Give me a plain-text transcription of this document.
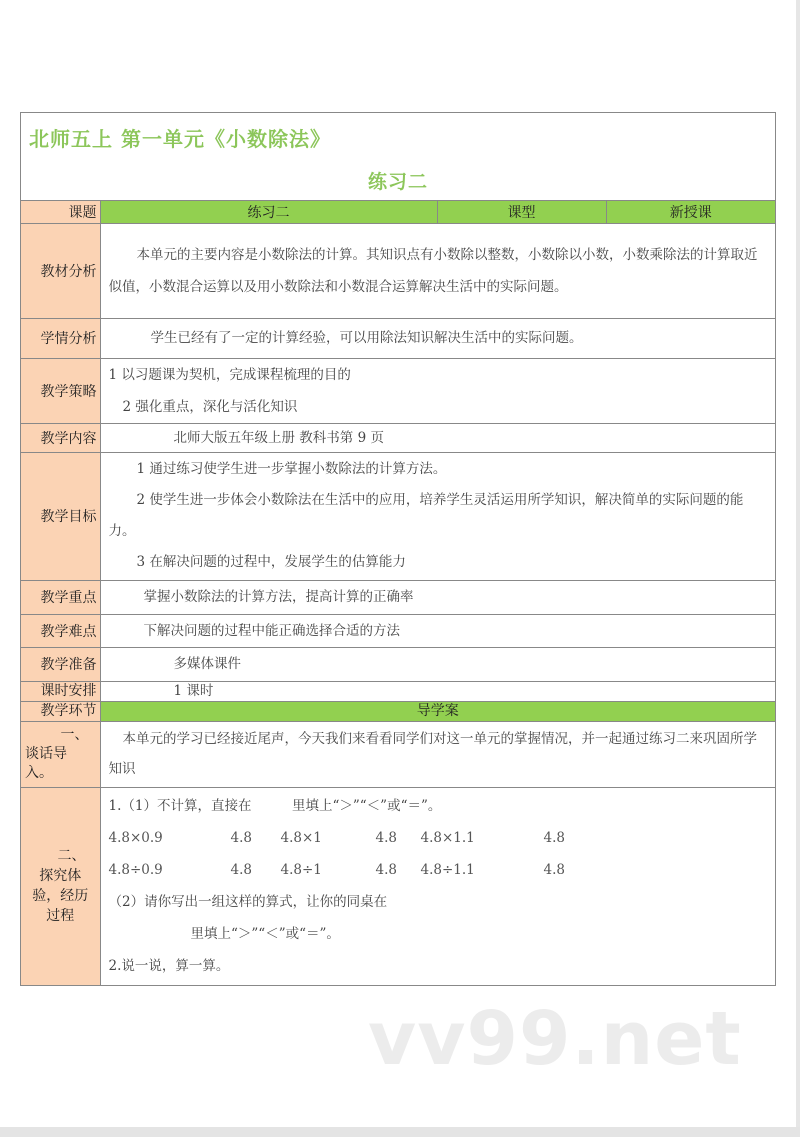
北师五上 第一单元《小数除法》
练习二
课题	练习二	课型	新授课
教材分析	本单元的主要内容是小数除法的计算。其知识点有小数除以整数，小数除以小数，小数乘除法的计算取近似值，小数混合运算以及用小数除法和小数混合运算解决生活中的实际问题。		

学情分析	学生已经有了一定的计算经验，可以用除法知识解决生活中的实际问题。		

教学策略	1 以习题课为契机，完成课程梳理的目的

2 强化重点，深化与活化知识		

教学内容	北师大版五年级上册 教科书第 9 页		

教学目标	1 通过练习使学生进一步掌握小数除法的计算方法。

2 使学生进一步体会小数除法在生活中的应用，培养学生灵活运用所学知识，解决简单的实际问题的能力。

3 在解决问题的过程中，发展学生的估算能力		

教学重点	掌握小数除法的计算方法，提高计算的正确率		

教学难点	下解决问题的过程中能正确选择合适的方法		

教学准备	多媒体课件		

课时安排	1 课时		

教学环节	导学案		

一、
谈话导
入。	本单元的学习已经接近尾声，今天我们来看看同学们对这一单元的掌握情况，并一起通过练习二来巩固所学知识		

二、
探究体
验，经历
过程

1.（1）不计算，直接在　　　里填上“＞”“＜”或“＝”。

4.8×0.9	4.8	4.8×1	4.8	4.8×1.1	4.8
4.8÷0.9	4.8	4.8÷1	4.8	4.8÷1.1	4.8

（2）请你写出一组这样的算式，让你的同桌在

里填上“＞”“＜”或“＝”。

2.说一说，算一算。

vv99.net
